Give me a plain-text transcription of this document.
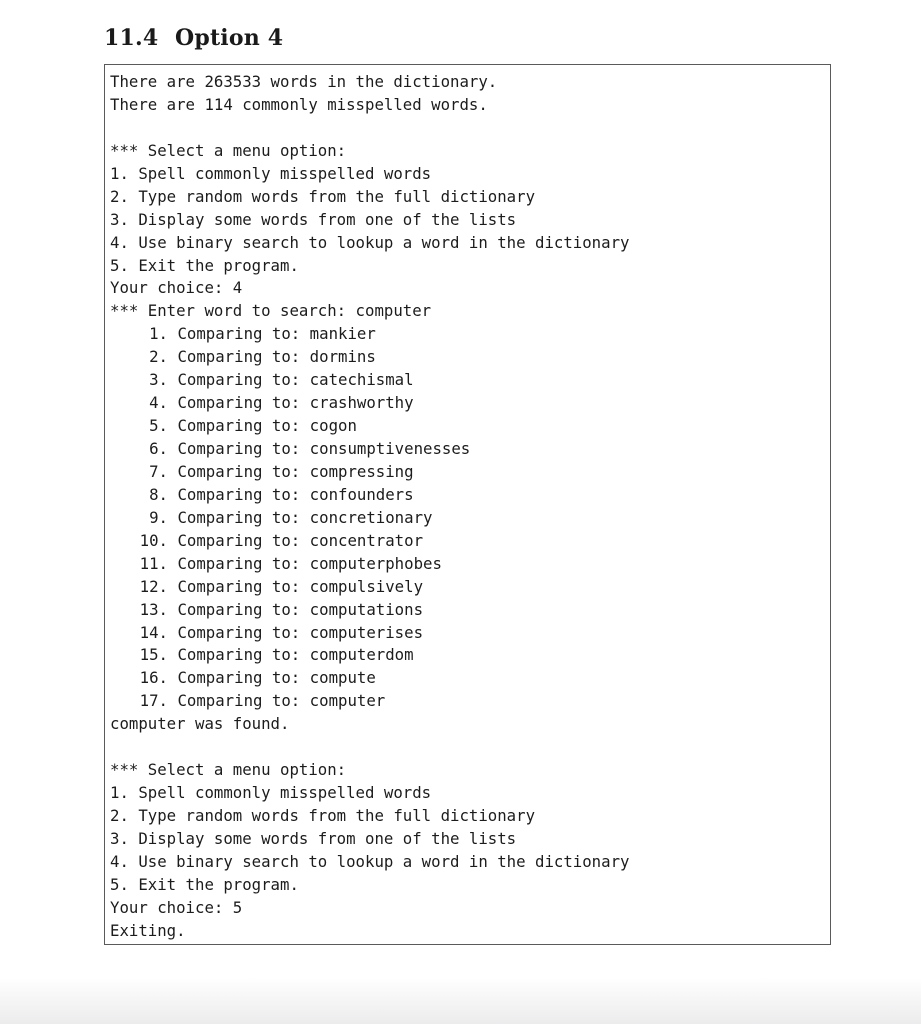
11.4 Option 4
There are 263533 words in the dictionary.
There are 114 commonly misspelled words.
*** Select a menu option:
1. Spell commonly misspelled words
2. Type random words from the full dictionary
3. Display some words from one of the lists
4. Use binary search to lookup a word in the dictionary
5. Exit the program.
Your choice: 4
*** Enter word to search: computer
1. Comparing to: mankier
2. Comparing to: dormins
3. Comparing to: catechismal
4. Comparing to: crashworthy
5. Comparing to: cogon
6. Comparing to: consumptivenesses
7. Comparing to: compressing
8. Comparing to: confounders
9. Comparing to: concretionary
10. Comparing to: concentrator
11. Comparing to: computerphobes
12. Comparing to: compulsively
13. Comparing to: computations
14. Comparing to: computerises
15. Comparing to: computerdom
16. Comparing to: compute
17. Comparing to: computer
computer was found.
*** Select a menu option:
1. Spell commonly misspelled words
2. Type random words from the full dictionary
3. Display some words from one of the lists
4. Use binary search to lookup a word in the dictionary
5. Exit the program.
Your choice: 5
Exiting.
